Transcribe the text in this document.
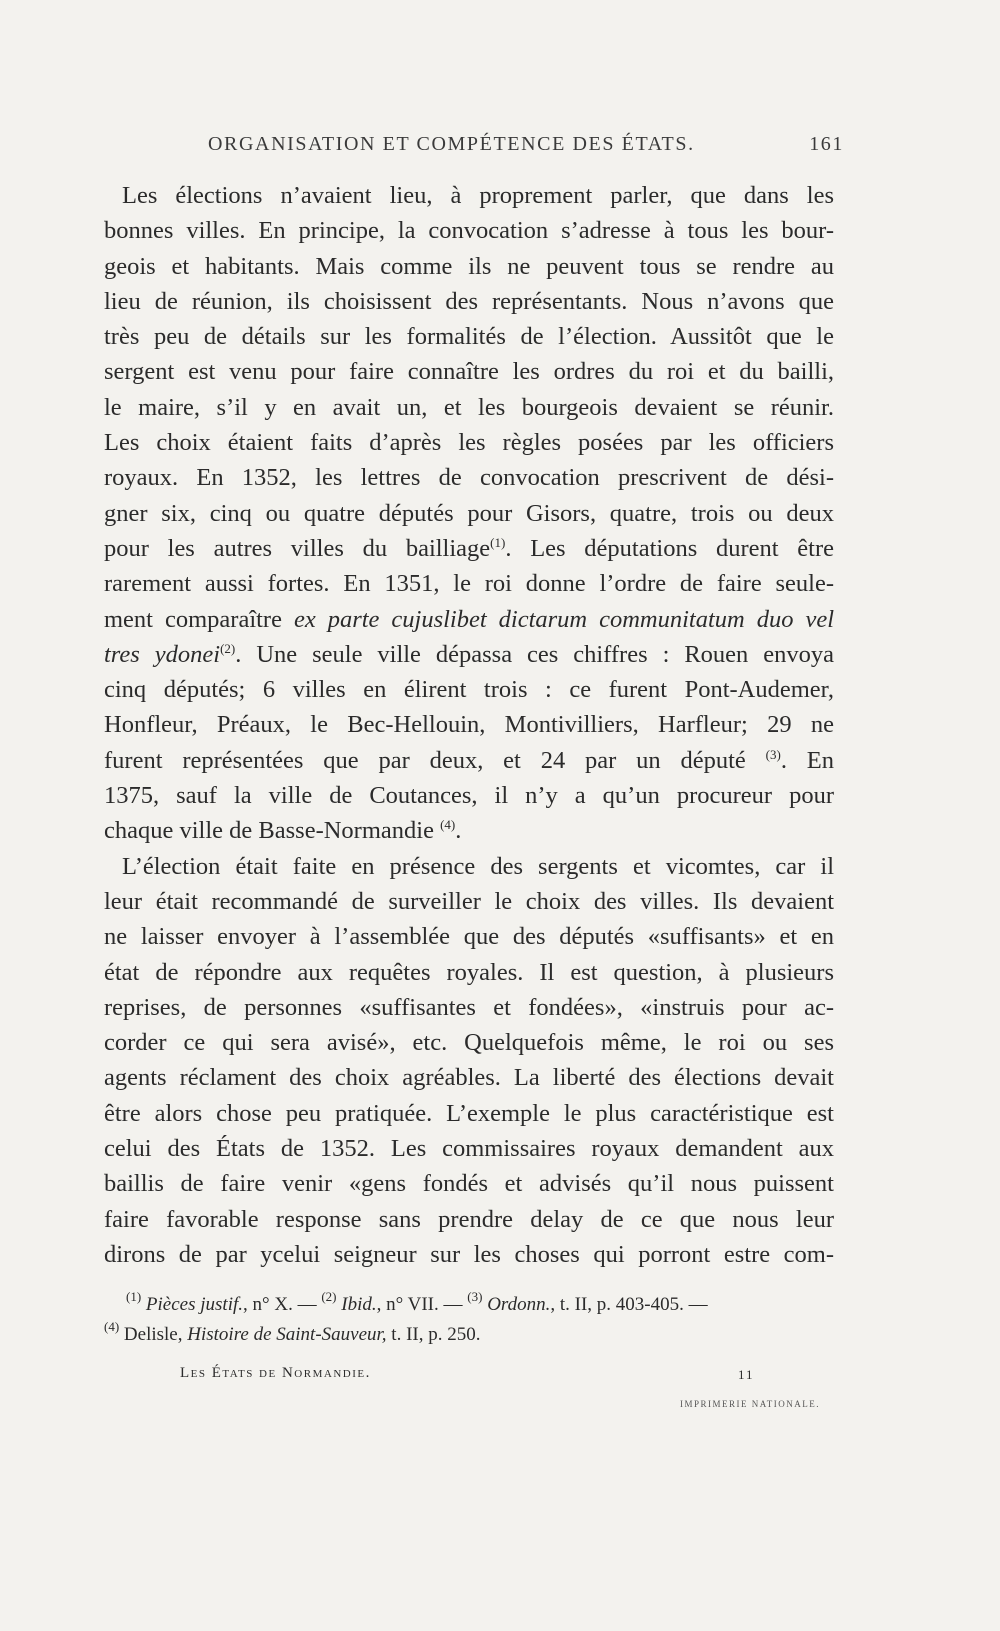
ORGANISATION ET COMPÉTENCE DES ÉTATS.	161
Les élections n’avaient lieu, à proprement parler, que dans les
bonnes villes. En principe, la convocation s’adresse à tous les bour-
geois et habitants. Mais comme ils ne peuvent tous se rendre au
lieu de réunion, ils choisissent des représentants. Nous n’avons que
très peu de détails sur les formalités de l’élection. Aussitôt que le
sergent est venu pour faire connaître les ordres du roi et du bailli,
le maire, s’il y en avait un, et les bourgeois devaient se réunir.
Les choix étaient faits d’après les règles posées par les officiers
royaux. En 1352, les lettres de convocation prescrivent de dési-
gner six, cinq ou quatre députés pour Gisors, quatre, trois ou deux
pour les autres villes du bailliage$^{(1)}$. Les députations durent être
rarement aussi fortes. En 1351, le roi donne l’ordre de faire seule-
ment comparaître ex parte cujuslibet dictarum communitatum duo vel
tres ydonei$^{(2)}$. Une seule ville dépassa ces chiffres : Rouen envoya
cinq députés; 6 villes en élirent trois : ce furent Pont-Audemer,
Honfleur, Préaux, le Bec-Hellouin, Montivilliers, Harfleur; 29 ne
furent représentées que par deux, et 24 par un député $^{(3)}$. En
1375, sauf la ville de Coutances, il n’y a qu’un procureur pour
chaque ville de Basse-Normandie $^{(4)}$.
L’élection était faite en présence des sergents et vicomtes, car il
leur était recommandé de surveiller le choix des villes. Ils devaient
ne laisser envoyer à l’assemblée que des députés «suffisants» et en
état de répondre aux requêtes royales. Il est question, à plusieurs
reprises, de personnes «suffisantes et fondées», «instruis pour ac-
corder ce qui sera avisé», etc. Quelquefois même, le roi ou ses
agents réclament des choix agréables. La liberté des élections devait
être alors chose peu pratiquée. L’exemple le plus caractéristique est
celui des États de 1352. Les commissaires royaux demandent aux
baillis de faire venir «gens fondés et advisés qu’il nous puissent
faire favorable response sans prendre delay de ce que nous leur
dirons de par ycelui seigneur sur les choses qui porront estre com-
$^{(1)}$ Pièces justif., n° X. — $^{(2)}$ Ibid., n° VII. — $^{(3)}$ Ordonn., t. II, p. 403-405. —
$^{(4)}$ Delisle, Histoire de Saint-Sauveur, t. II, p. 250.
Les États de Normandie.	11
IMPRIMERIE NATIONALE.
